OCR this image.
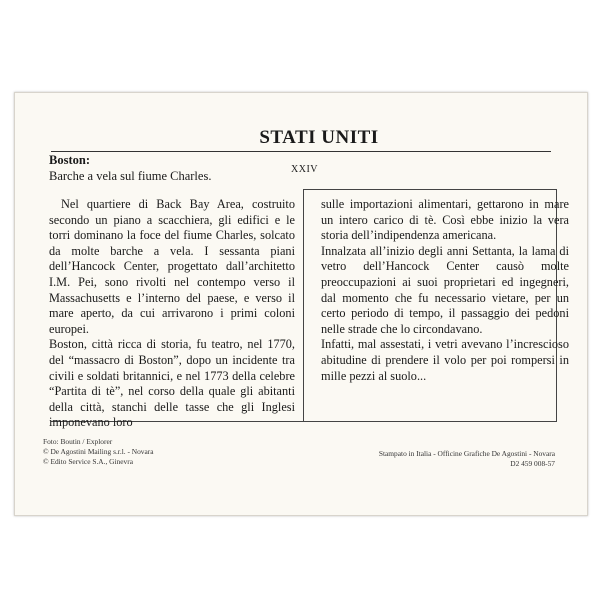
STATI UNITI
Boston:
Barche a vela sul fiume Charles.	XXIV

Nel quartiere di Back Bay Area, costruito secondo un piano a scacchiera, gli edifici e le torri dominano la foce del fiume Charles, solcato da molte barche a vela. I sessanta piani dell’Hancock Center, progettato dall’architetto I.M. Pei, sono rivolti nel contempo verso il Massachusetts e l’interno del paese, e verso il mare aperto, da cui arrivarono i primi coloni europei.

Boston, città ricca di storia, fu teatro, nel 1770, del “massacro di Boston”, dopo un incidente tra civili e soldati britannici, e nel 1773 della celebre “Partita di tè”, nel corso della quale gli abitanti della città, stanchi delle tasse che gli Inglesi imponevano loro

sulle importazioni alimentari, gettarono in mare un intero carico di tè. Così ebbe inizio la vera storia dell’indipendenza americana.

Innalzata all’inizio degli anni Settanta, la lama di vetro dell’Hancock Center causò molte preoccupazioni ai suoi proprietari ed ingegneri, dal momento che fu necessario vietare, per un certo periodo di tempo, il passaggio dei pedoni nelle strade che lo circondavano.

Infatti, mal assestati, i vetri avevano l’increscioso abitudine di prendere il volo per poi rompersi in mille pezzi al suolo...

Foto: Boutin / Explorer
© De Agostini Mailing s.r.l. - Novara
© Edito Service S.A., Ginevra
Stampato in Italia - Officine Grafiche De Agostini - Novara
D2 459 008-57
